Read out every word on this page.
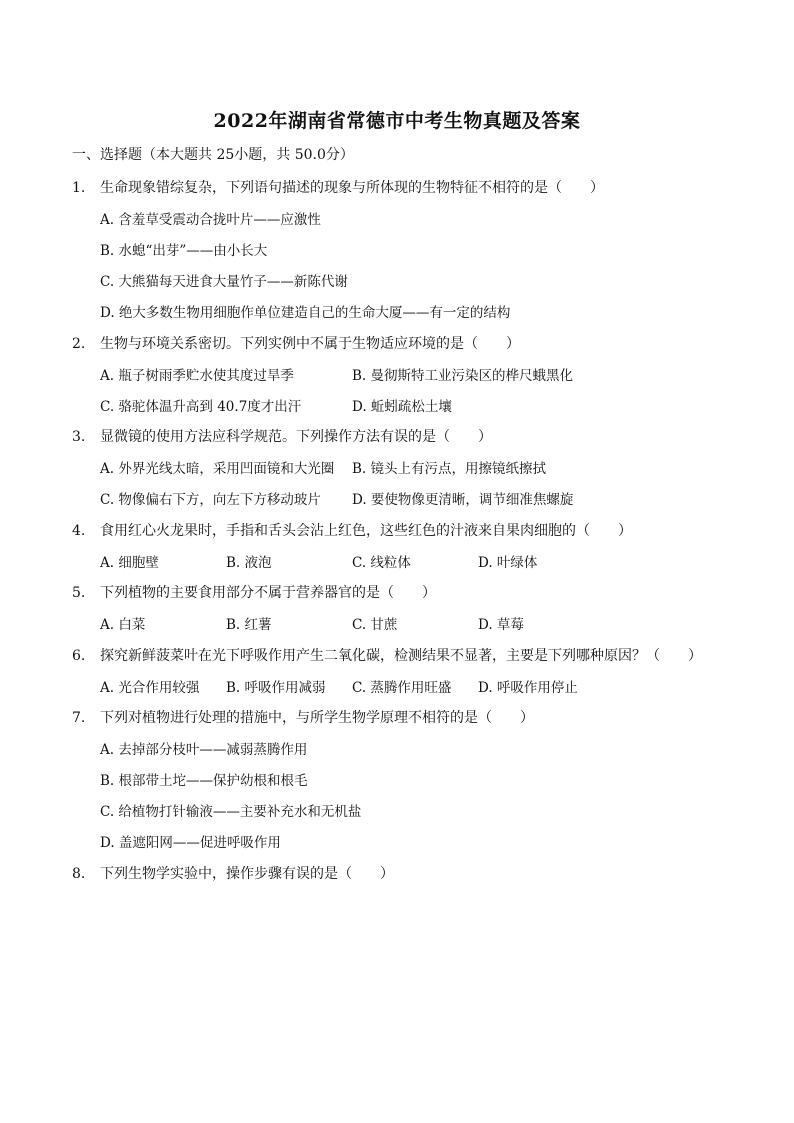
2022年湖南省常德市中考生物真题及答案
一、选择题（本大题共 25小题，共 50.0分）
1. 生命现象错综复杂，下列语句描述的现象与所体现的生物特征不相符的是（　　）
A. 含羞草受震动合拢叶片——应激性
B. 水螅“出芽”——由小长大
C. 大熊猫每天进食大量竹子——新陈代谢
D. 绝大多数生物用细胞作单位建造自己的生命大厦——有一定的结构
2. 生物与环境关系密切。下列实例中不属于生物适应环境的是（　　）
A. 瓶子树雨季贮水使其度过旱季	B. 曼彻斯特工业污染区的桦尺蛾黑化
C. 骆驼体温升高到 40.7度才出汗	D. 蚯蚓疏松土壤
3. 显微镜的使用方法应科学规范。下列操作方法有误的是（　　）
A. 外界光线太暗，采用凹面镜和大光圈 B. 镜头上有污点，用擦镜纸擦拭
C. 物像偏右下方，向左下方移动玻片 D. 要使物像更清晰，调节细准焦螺旋
4. 食用红心火龙果时，手指和舌头会沾上红色，这些红色的汁液来自果肉细胞的（　　）
A. 细胞壁	B. 液泡	C. 线粒体	D. 叶绿体
5. 下列植物的主要食用部分不属于营养器官的是（　　）
A. 白菜	B. 红薯	C. 甘蔗	D. 草莓
6. 探究新鲜菠菜叶在光下呼吸作用产生二氧化碳，检测结果不显著，主要是下列哪种原因？（　　）
A. 光合作用较强 B. 呼吸作用减弱 C. 蒸腾作用旺盛 D. 呼吸作用停止
7. 下列对植物进行处理的措施中，与所学生物学原理不相符的是（　　）
A. 去掉部分枝叶——减弱蒸腾作用
B. 根部带土坨——保护幼根和根毛
C. 给植物打针输液——主要补充水和无机盐
D. 盖遮阳网——促进呼吸作用
8. 下列生物学实验中，操作步骤有误的是（　　）
